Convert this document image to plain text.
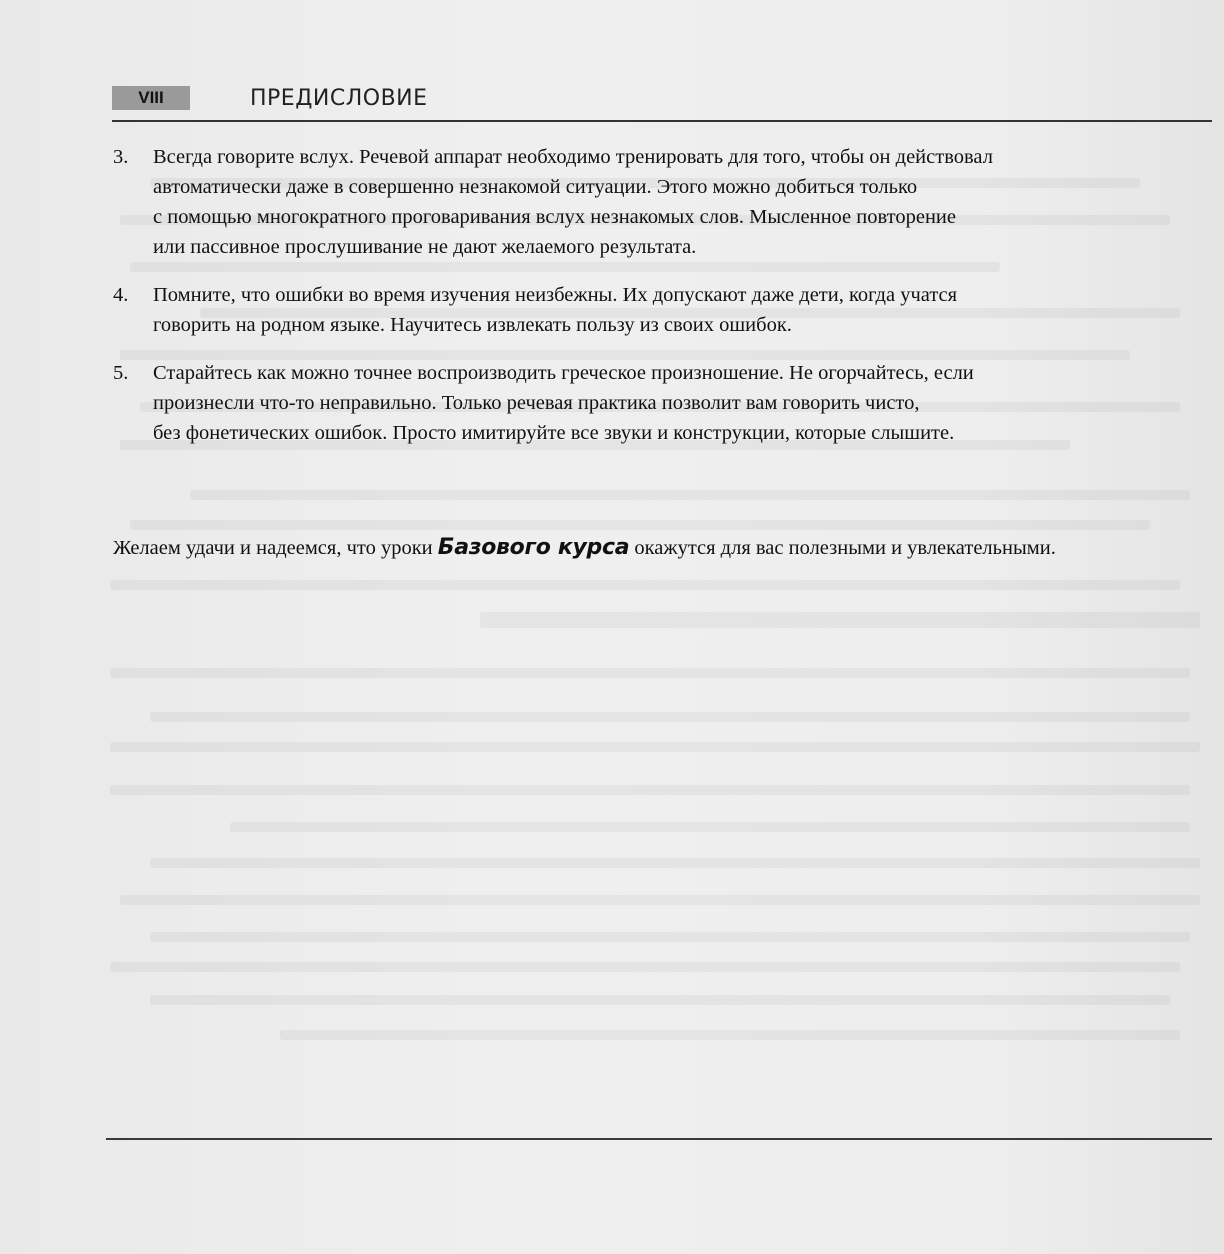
VIII	ПРЕДИСЛОВИЕ
3. Всегда говорите вслух. Речевой аппарат необходимо тренировать для того, чтобы он действовал
автоматически даже в совершенно незнакомой ситуации. Этого можно добиться только
с помощью многократного проговаривания вслух незнакомых слов. Мысленное повторение
или пассивное прослушивание не дают желаемого результата.
4. Помните, что ошибки во время изучения неизбежны. Их допускают даже дети, когда учатся
говорить на родном языке. Научитесь извлекать пользу из своих ошибок.
5. Старайтесь как можно точнее воспроизводить греческое произношение. Не огорчайтесь, если
произнесли что-то неправильно. Только речевая практика позволит вам говорить чисто,
без фонетических ошибок. Просто имитируйте все звуки и конструкции, которые слышите.
Желаем удачи и надеемся, что уроки Базового курса окажутся для вас полезными и увлекательными.
